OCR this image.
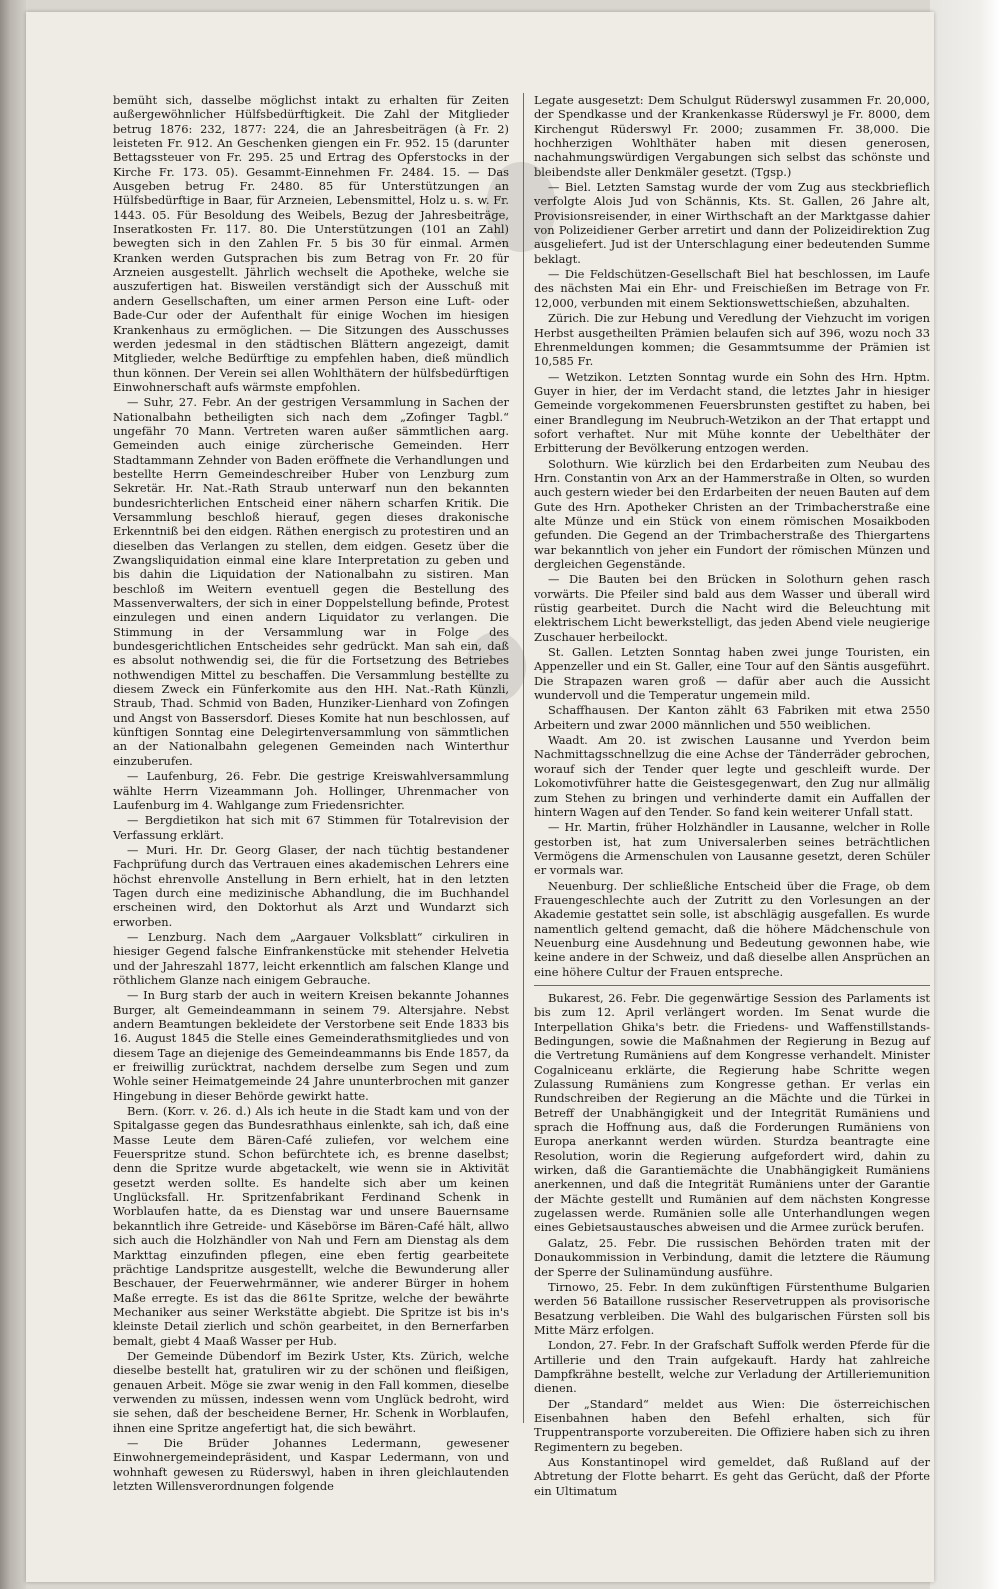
bemüht sich, dasselbe möglichst intakt zu erhalten für Zeiten außergewöhnlicher Hülfsbedürftigkeit. Die Zahl der Mitglieder betrug 1876: 232, 1877: 224, die an Jahresbeiträgen (à Fr. 2) leisteten Fr. 912. An Geschenken giengen ein Fr. 952. 15 (darunter Bettagssteuer von Fr. 295. 25 und Ertrag des Opferstocks in der Kirche Fr. 173. 05). Gesammt-Einnehmen Fr. 2484. 15. — Das Ausgeben betrug Fr. 2480. 85 für Unterstützungen an Hülfsbedürftige in Baar, für Arzneien, Lebensmittel, Holz u. s. w. Fr. 1443. 05. Für Besoldung des Weibels, Bezug der Jahresbeiträge, Inseratkosten Fr. 117. 80. Die Unterstützungen (101 an Zahl) bewegten sich in den Zahlen Fr. 5 bis 30 für einmal. Armen Kranken werden Gutsprachen bis zum Betrag von Fr. 20 für Arzneien ausgestellt. Jährlich wechselt die Apotheke, welche sie auszufertigen hat. Bisweilen verständigt sich der Ausschuß mit andern Gesellschaften, um einer armen Person eine Luft- oder Bade-Cur oder der Aufenthalt für einige Wochen im hiesigen Krankenhaus zu ermöglichen. — Die Sitzungen des Ausschusses werden jedesmal in den städtischen Blättern angezeigt, damit Mitglieder, welche Bedürftige zu empfehlen haben, dieß mündlich thun können. Der Verein sei allen Wohlthätern der hülfsbedürftigen Einwohnerschaft aufs wärmste empfohlen.

— Suhr, 27. Febr. An der gestrigen Versammlung in Sachen der Nationalbahn betheiligten sich nach dem „Zofinger Tagbl.“ ungefähr 70 Mann. Vertreten waren außer sämmtlichen aarg. Gemeinden auch einige zürcherische Gemeinden. Herr Stadtammann Zehnder von Baden eröffnete die Verhandlungen und bestellte Herrn Gemeindeschreiber Huber von Lenzburg zum Sekretär. Hr. Nat.-Rath Straub unterwarf nun den bekannten bundesrichterlichen Entscheid einer nähern scharfen Kritik. Die Versammlung beschloß hierauf, gegen dieses drakonische Erkenntniß bei den eidgen. Räthen energisch zu protestiren und an dieselben das Verlangen zu stellen, dem eidgen. Gesetz über die Zwangsliquidation einmal eine klare Interpretation zu geben und bis dahin die Liquidation der Nationalbahn zu sistiren. Man beschloß im Weitern eventuell gegen die Bestellung des Massenverwalters, der sich in einer Doppelstellung befinde, Protest einzulegen und einen andern Liquidator zu verlangen. Die Stimmung in der Versammlung war in Folge des bundesgerichtlichen Entscheides sehr gedrückt. Man sah ein, daß es absolut nothwendig sei, die für die Fortsetzung des Betriebes nothwendigen Mittel zu beschaffen. Die Versammlung bestellte zu diesem Zweck ein Fünferkomite aus den HH. Nat.-Rath Künzli, Straub, Thad. Schmid von Baden, Hunziker-Lienhard von Zofingen und Angst von Bassersdorf. Dieses Komite hat nun beschlossen, auf künftigen Sonntag eine Delegirtenversammlung von sämmtlichen an der Nationalbahn gelegenen Gemeinden nach Winterthur einzuberufen.

— Laufenburg, 26. Febr. Die gestrige Kreiswahlversammlung wählte Herrn Vizeammann Joh. Hollinger, Uhrenmacher von Laufenburg im 4. Wahlgange zum Friedensrichter.

— Bergdietikon hat sich mit 67 Stimmen für Totalrevision der Verfassung erklärt.

— Muri. Hr. Dr. Georg Glaser, der nach tüchtig bestandener Fachprüfung durch das Vertrauen eines akademischen Lehrers eine höchst ehrenvolle Anstellung in Bern erhielt, hat in den letzten Tagen durch eine medizinische Abhandlung, die im Buchhandel erscheinen wird, den Doktorhut als Arzt und Wundarzt sich erworben.

— Lenzburg. Nach dem „Aargauer Volksblatt“ cirkuliren in hiesiger Gegend falsche Einfrankenstücke mit stehender Helvetia und der Jahreszahl 1877, leicht erkenntlich am falschen Klange und röthlichem Glanze nach einigem Gebrauche.

— In Burg starb der auch in weitern Kreisen bekannte Johannes Burger, alt Gemeindeammann in seinem 79. Altersjahre. Nebst andern Beamtungen bekleidete der Verstorbene seit Ende 1833 bis 16. August 1845 die Stelle eines Gemeinderathsmitgliedes und von diesem Tage an diejenige des Gemeindeammanns bis Ende 1857, da er freiwillig zurücktrat, nachdem derselbe zum Segen und zum Wohle seiner Heimatgemeinde 24 Jahre ununterbrochen mit ganzer Hingebung in dieser Behörde gewirkt hatte.

Bern. (Korr. v. 26. d.) Als ich heute in die Stadt kam und von der Spitalgasse gegen das Bundesrathhaus einlenkte, sah ich, daß eine Masse Leute dem Bären-Café zuliefen, vor welchem eine Feuerspritze stund. Schon befürchtete ich, es brenne daselbst; denn die Spritze wurde abgetackelt, wie wenn sie in Aktivität gesetzt werden sollte. Es handelte sich aber um keinen Unglücksfall. Hr. Spritzenfabrikant Ferdinand Schenk in Worblaufen hatte, da es Dienstag war und unsere Bauernsame bekanntlich ihre Getreide- und Käsebörse im Bären-Café hält, allwo sich auch die Holzhändler von Nah und Fern am Dienstag als dem Markttag einzufinden pflegen, eine eben fertig gearbeitete prächtige Landspritze ausgestellt, welche die Bewunderung aller Beschauer, der Feuerwehrmänner, wie anderer Bürger in hohem Maße erregte. Es ist das die 861te Spritze, welche der bewährte Mechaniker aus seiner Werkstätte abgiebt. Die Spritze ist bis in's kleinste Detail zierlich und schön gearbeitet, in den Bernerfarben bemalt, giebt 4 Maaß Wasser per Hub.

Der Gemeinde Dübendorf im Bezirk Uster, Kts. Zürich, welche dieselbe bestellt hat, gratuliren wir zu der schönen und fleißigen, genauen Arbeit. Möge sie zwar wenig in den Fall kommen, dieselbe verwenden zu müssen, indessen wenn vom Unglück bedroht, wird sie sehen, daß der bescheidene Berner, Hr. Schenk in Worblaufen, ihnen eine Spritze angefertigt hat, die sich bewährt.

— Die Brüder Johannes Ledermann, gewesener Einwohnergemeindepräsident, und Kaspar Ledermann, von und wohnhaft gewesen zu Rüderswyl, haben in ihren gleichlautenden letzten Willensverordnungen folgende

Legate ausgesetzt: Dem Schulgut Rüderswyl zusammen Fr. 20,000, der Spendkasse und der Krankenkasse Rüderswyl je Fr. 8000, dem Kirchengut Rüderswyl Fr. 2000; zusammen Fr. 38,000. Die hochherzigen Wohlthäter haben mit diesen generosen, nachahmungswürdigen Vergabungen sich selbst das schönste und bleibendste aller Denkmäler gesetzt. (Tgsp.)

— Biel. Letzten Samstag wurde der vom Zug aus steckbrieflich verfolgte Alois Jud von Schännis, Kts. St. Gallen, 26 Jahre alt, Provisionsreisender, in einer Wirthschaft an der Marktgasse dahier von Polizeidiener Gerber arretirt und dann der Polizeidirektion Zug ausgeliefert. Jud ist der Unterschlagung einer bedeutenden Summe beklagt.

— Die Feldschützen-Gesellschaft Biel hat beschlossen, im Laufe des nächsten Mai ein Ehr- und Freischießen im Betrage von Fr. 12,000, verbunden mit einem Sektionswettschießen, abzuhalten.

Zürich. Die zur Hebung und Veredlung der Viehzucht im vorigen Herbst ausgetheilten Prämien belaufen sich auf 396, wozu noch 33 Ehrenmeldungen kommen; die Gesammtsumme der Prämien ist 10,585 Fr.

— Wetzikon. Letzten Sonntag wurde ein Sohn des Hrn. Hptm. Guyer in hier, der im Verdacht stand, die letztes Jahr in hiesiger Gemeinde vorgekommenen Feuersbrunsten gestiftet zu haben, bei einer Brandlegung im Neubruch-Wetzikon an der That ertappt und sofort verhaftet. Nur mit Mühe konnte der Uebelthäter der Erbitterung der Bevölkerung entzogen werden.

Solothurn. Wie kürzlich bei den Erdarbeiten zum Neubau des Hrn. Constantin von Arx an der Hammerstraße in Olten, so wurden auch gestern wieder bei den Erdarbeiten der neuen Bauten auf dem Gute des Hrn. Apotheker Christen an der Trimbacherstraße eine alte Münze und ein Stück von einem römischen Mosaikboden gefunden. Die Gegend an der Trimbacherstraße des Thiergartens war bekanntlich von jeher ein Fundort der römischen Münzen und dergleichen Gegenstände.

— Die Bauten bei den Brücken in Solothurn gehen rasch vorwärts. Die Pfeiler sind bald aus dem Wasser und überall wird rüstig gearbeitet. Durch die Nacht wird die Beleuchtung mit elektrischem Licht bewerkstelligt, das jeden Abend viele neugierige Zuschauer herbeilockt.

St. Gallen. Letzten Sonntag haben zwei junge Touristen, ein Appenzeller und ein St. Galler, eine Tour auf den Säntis ausgeführt. Die Strapazen waren groß — dafür aber auch die Aussicht wundervoll und die Temperatur ungemein mild.

Schaffhausen. Der Kanton zählt 63 Fabriken mit etwa 2550 Arbeitern und zwar 2000 männlichen und 550 weiblichen.

Waadt. Am 20. ist zwischen Lausanne und Yverdon beim Nachmittagsschnellzug die eine Achse der Tänderräder gebrochen, worauf sich der Tender quer legte und geschleift wurde. Der Lokomotivführer hatte die Geistesgegenwart, den Zug nur allmälig zum Stehen zu bringen und verhinderte damit ein Auffallen der hintern Wagen auf den Tender. So fand kein weiterer Unfall statt.

— Hr. Martin, früher Holzhändler in Lausanne, welcher in Rolle gestorben ist, hat zum Universalerben seines beträchtlichen Vermögens die Armenschulen von Lausanne gesetzt, deren Schüler er vormals war.

Neuenburg. Der schließliche Entscheid über die Frage, ob dem Frauengeschlechte auch der Zutritt zu den Vorlesungen an der Akademie gestattet sein solle, ist abschlägig ausgefallen. Es wurde namentlich geltend gemacht, daß die höhere Mädchenschule von Neuenburg eine Ausdehnung und Bedeutung gewonnen habe, wie keine andere in der Schweiz, und daß dieselbe allen Ansprüchen an eine höhere Cultur der Frauen entspreche.

Bukarest, 26. Febr. Die gegenwärtige Session des Parlaments ist bis zum 12. April verlängert worden. Im Senat wurde die Interpellation Ghika's betr. die Friedens- und Waffenstillstands-Bedingungen, sowie die Maßnahmen der Regierung in Bezug auf die Vertretung Rumäniens auf dem Kongresse verhandelt. Minister Cogalniceanu erklärte, die Regierung habe Schritte wegen Zulassung Rumäniens zum Kongresse gethan. Er verlas ein Rundschreiben der Regierung an die Mächte und die Türkei in Betreff der Unabhängigkeit und der Integrität Rumäniens und sprach die Hoffnung aus, daß die Forderungen Rumäniens von Europa anerkannt werden würden. Sturdza beantragte eine Resolution, worin die Regierung aufgefordert wird, dahin zu wirken, daß die Garantiemächte die Unabhängigkeit Rumäniens anerkennen, und daß die Integrität Rumäniens unter der Garantie der Mächte gestellt und Rumänien auf dem nächsten Kongresse zugelassen werde. Rumänien solle alle Unterhandlungen wegen eines Gebietsaustausches abweisen und die Armee zurück berufen.

Galatz, 25. Febr. Die russischen Behörden traten mit der Donaukommission in Verbindung, damit die letztere die Räumung der Sperre der Sulinamündung ausführe.

Tirnowo, 25. Febr. In dem zukünftigen Fürstenthume Bulgarien werden 56 Bataillone russischer Reservetruppen als provisorische Besatzung verbleiben. Die Wahl des bulgarischen Fürsten soll bis Mitte März erfolgen.

London, 27. Febr. In der Grafschaft Suffolk werden Pferde für die Artillerie und den Train aufgekauft. Hardy hat zahlreiche Dampfkrähne bestellt, welche zur Verladung der Artilleriemunition dienen.

Der „Standard“ meldet aus Wien: Die österreichischen Eisenbahnen haben den Befehl erhalten, sich für Truppentransporte vorzubereiten. Die Offiziere haben sich zu ihren Regimentern zu begeben.

Aus Konstantinopel wird gemeldet, daß Rußland auf der Abtretung der Flotte beharrt. Es geht das Gerücht, daß der Pforte ein Ultimatum
